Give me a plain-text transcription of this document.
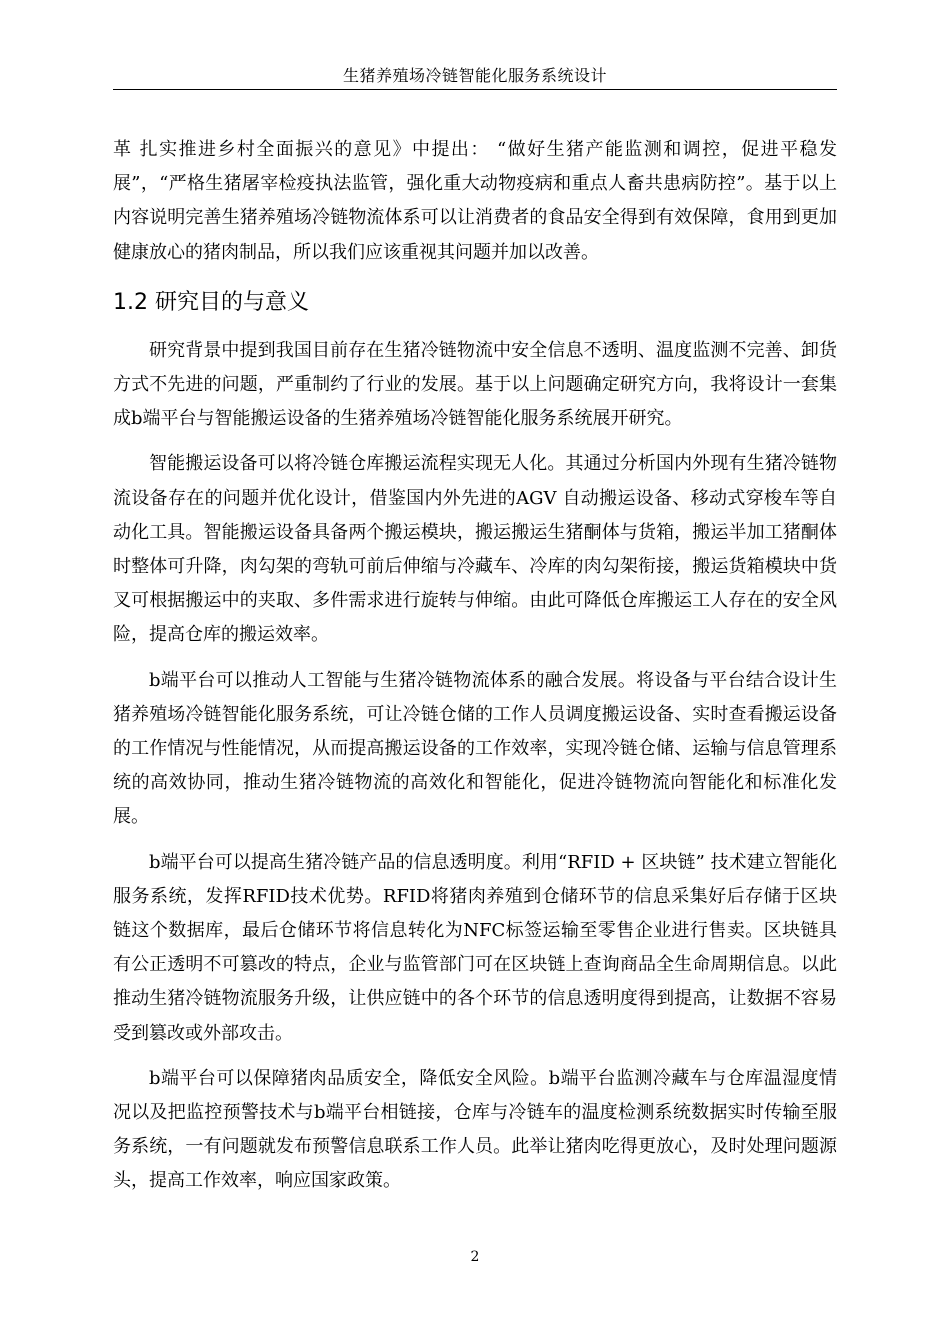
生猪养殖场冷链智能化服务系统设计

革 扎实推进乡村全面振兴的意见》中提出： “做好生猪产能监测和调控，促进平稳发展”，“严格生猪屠宰检疫执法监管，强化重大动物疫病和重点人畜共患病防控”。基于以上内容说明完善生猪养殖场冷链物流体系可以让消费者的食品安全得到有效保障，食用到更加健康放心的猪肉制品，所以我们应该重视其问题并加以改善。

1.2 研究目的与意义

研究背景中提到我国目前存在生猪冷链物流中安全信息不透明、温度监测不完善、卸货方式不先进的问题，严重制约了行业的发展。基于以上问题确定研究方向，我将设计一套集成b端平台与智能搬运设备的生猪养殖场冷链智能化服务系统展开研究。

智能搬运设备可以将冷链仓库搬运流程实现无人化。其通过分析国内外现有生猪冷链物流设备存在的问题并优化设计，借鉴国内外先进的AGV 自动搬运设备、移动式穿梭车等自动化工具。智能搬运设备具备两个搬运模块，搬运搬运生猪酮体与货箱，搬运半加工猪酮体时整体可升降，肉勾架的弯轨可前后伸缩与冷藏车、冷库的肉勾架衔接，搬运货箱模块中货叉可根据搬运中的夹取、多件需求进行旋转与伸缩。由此可降低仓库搬运工人存在的安全风险，提高仓库的搬运效率。

b端平台可以推动人工智能与生猪冷链物流体系的融合发展。将设备与平台结合设计生猪养殖场冷链智能化服务系统，可让冷链仓储的工作人员调度搬运设备、实时查看搬运设备的工作情况与性能情况，从而提高搬运设备的工作效率，实现冷链仓储、运输与信息管理系统的高效协同，推动生猪冷链物流的高效化和智能化，促进冷链物流向智能化和标准化发展。

b端平台可以提高生猪冷链产品的信息透明度。利用“RFID + 区块链” 技术建立智能化服务系统，发挥RFID技术优势。RFID将猪肉养殖到仓储环节的信息采集好后存储于区块链这个数据库，最后仓储环节将信息转化为NFC标签运输至零售企业进行售卖。区块链具有公正透明不可篡改的特点，企业与监管部门可在区块链上查询商品全生命周期信息。以此推动生猪冷链物流服务升级，让供应链中的各个环节的信息透明度得到提高，让数据不容易受到篡改或外部攻击。

b端平台可以保障猪肉品质安全，降低安全风险。b端平台监测冷藏车与仓库温湿度情况以及把监控预警技术与b端平台相链接，仓库与冷链车的温度检测系统数据实时传输至服务系统，一有问题就发布预警信息联系工作人员。此举让猪肉吃得更放心，及时处理问题源头，提高工作效率，响应国家政策。

2
